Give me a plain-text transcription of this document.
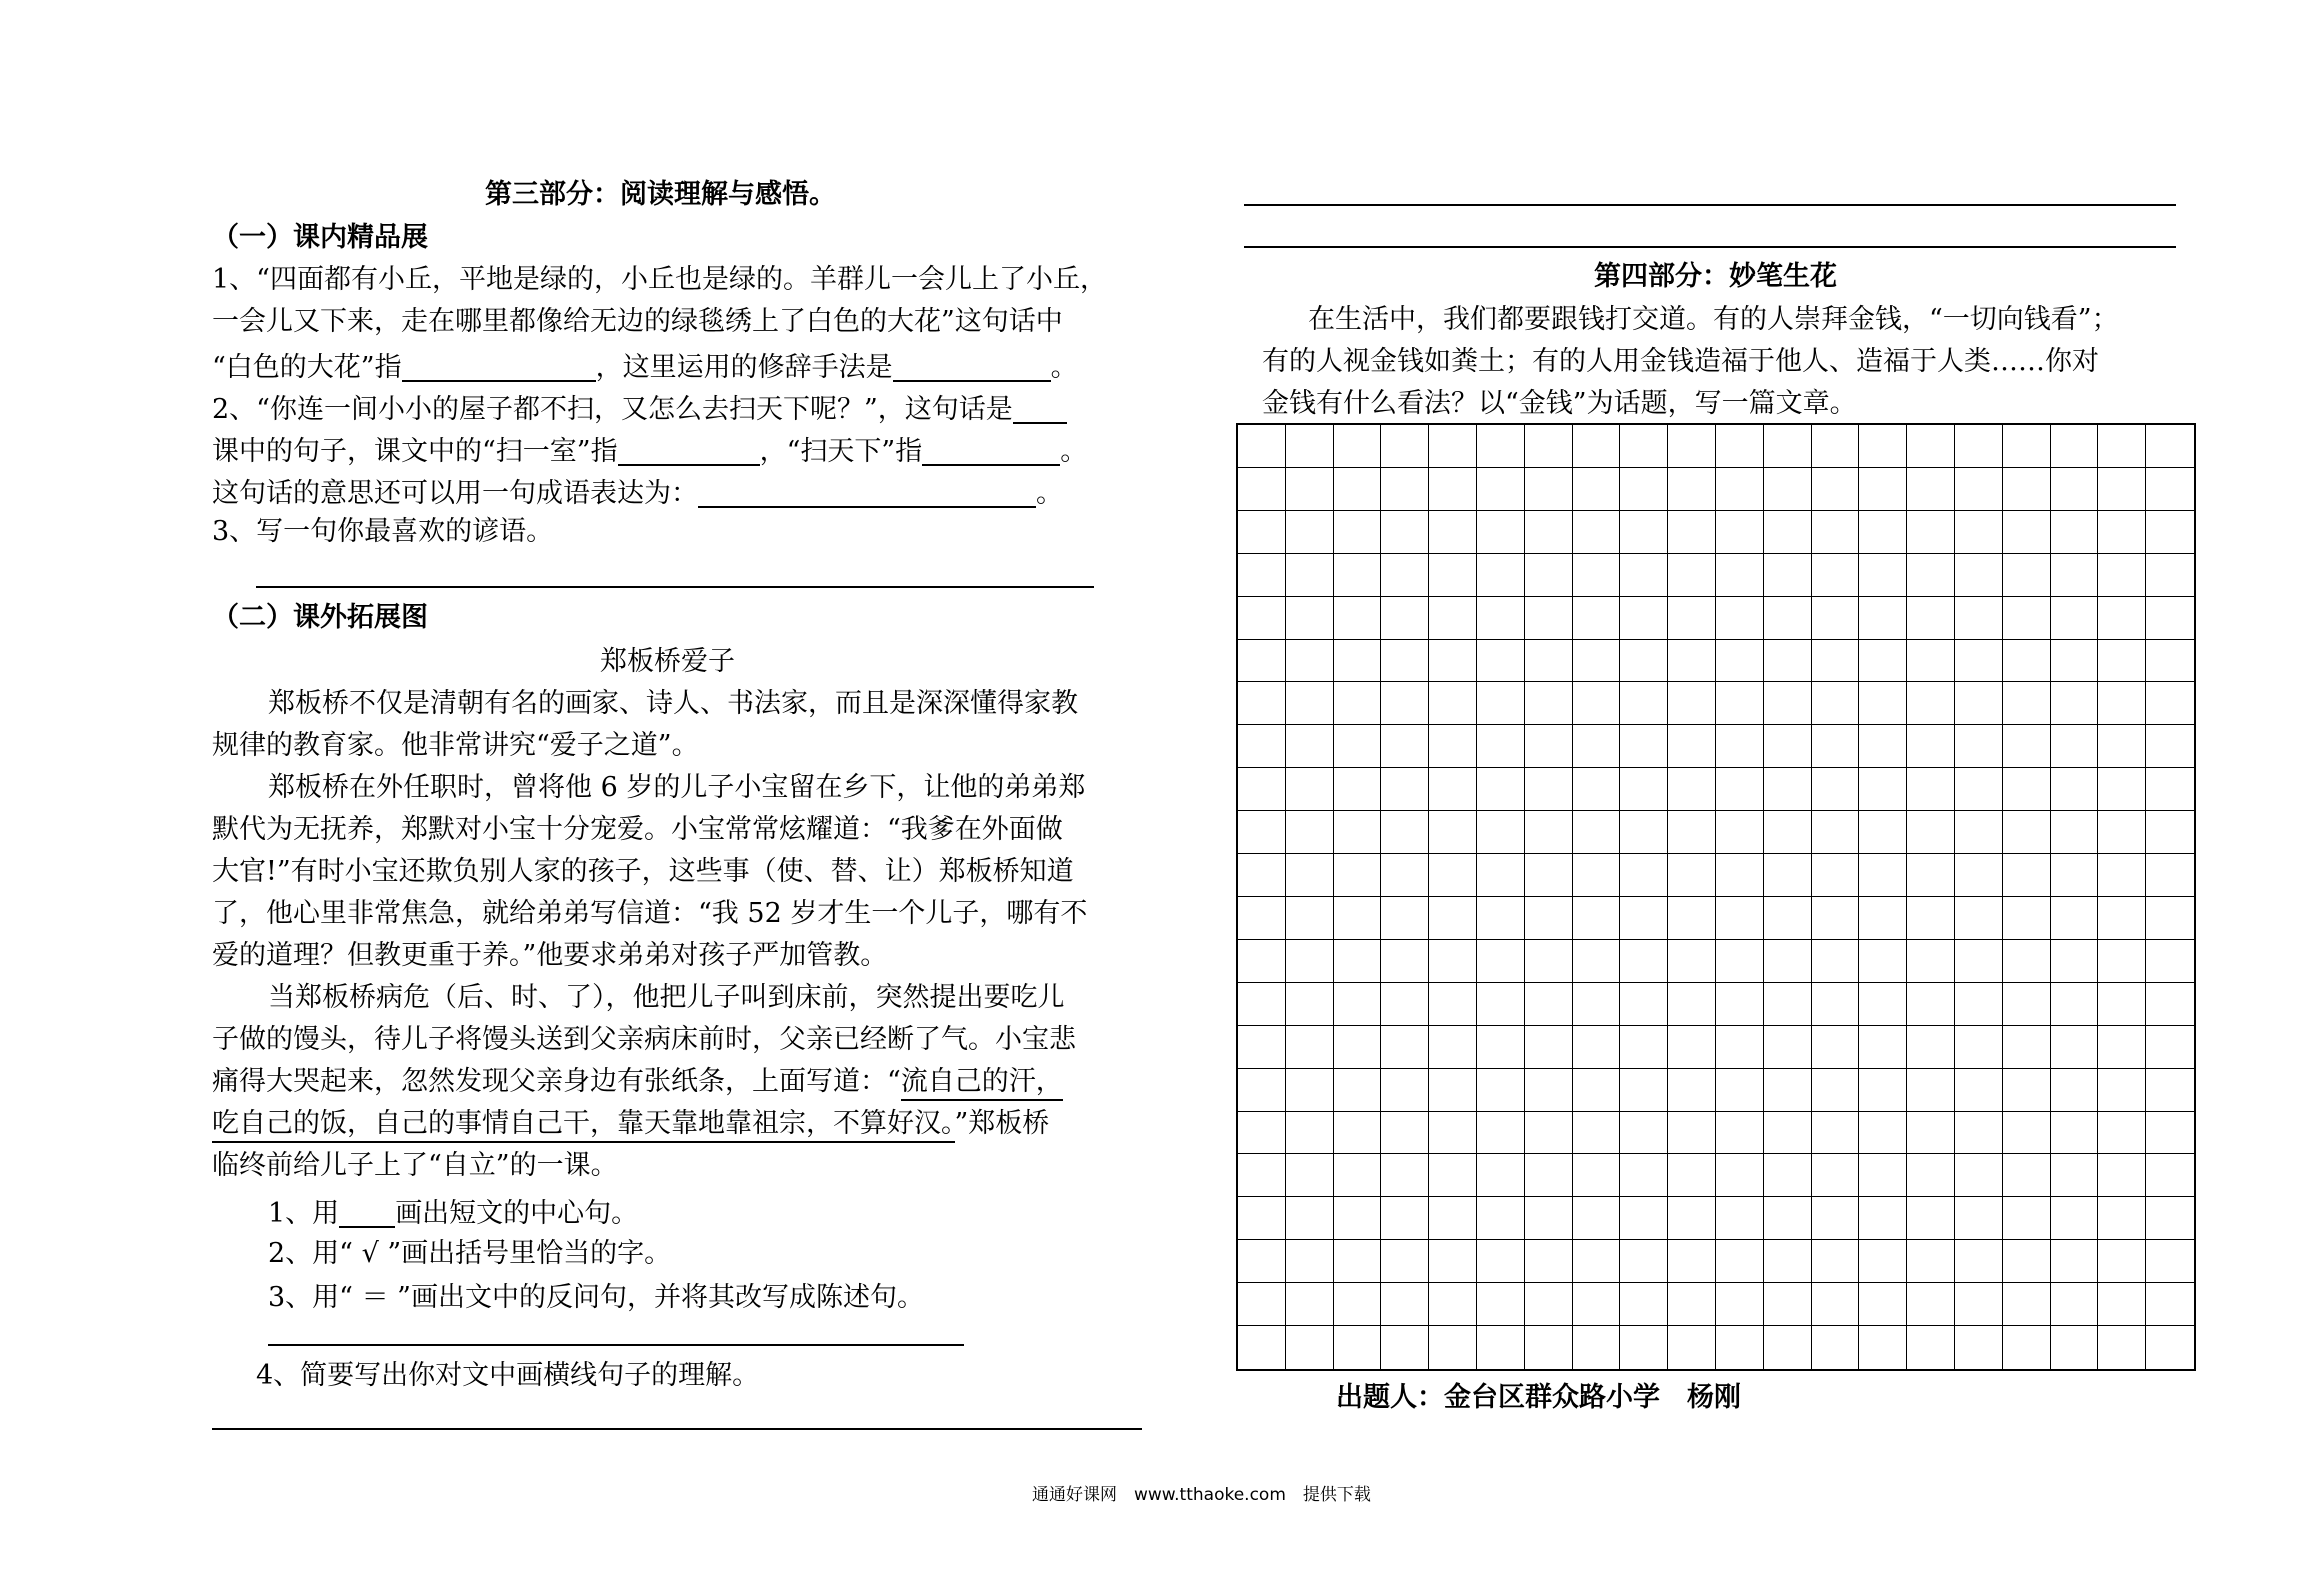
第三部分：阅读理解与感悟。
（一）课内精品展
1、“四面都有小丘，平地是绿的，小丘也是绿的。羊群儿一会儿上了小丘，
一会儿又下来，走在哪里都像给无边的绿毯绣上了白色的大花”这句话中
“白色的大花”指	，这里运用的修辞手法是	。
2、“你连一间小小的屋子都不扫，又怎么去扫天下呢？”，这句话是
课中的句子，课文中的“扫一室”指	，“扫天下”指	。
这句话的意思还可以用一句成语表达为：	。
3、写一句你最喜欢的谚语。
（二）课外拓展图
郑板桥爱子
郑板桥不仅是清朝有名的画家、诗人、书法家，而且是深深懂得家教
规律的教育家。他非常讲究“爱子之道”。
郑板桥在外任职时，曾将他 6 岁的儿子小宝留在乡下，让他的弟弟郑
默代为无抚养，郑默对小宝十分宠爱。小宝常常炫耀道：“我爹在外面做
大官!”有时小宝还欺负别人家的孩子，这些事（使、替、让）郑板桥知道
了，他心里非常焦急，就给弟弟写信道：“我 52 岁才生一个儿子，哪有不
爱的道理？但教更重于养。”他要求弟弟对孩子严加管教。
当郑板桥病危（后、时、了），他把儿子叫到床前，突然提出要吃儿
子做的馒头，待儿子将馒头送到父亲病床前时，父亲已经断了气。小宝悲
痛得大哭起来，忽然发现父亲身边有张纸条，上面写道：“流自己的汗，
吃自己的饭，自己的事情自己干，靠天靠地靠祖宗，不算好汉。”郑板桥
临终前给儿子上了“自立”的一课。
1、用 画出短文的中心句。
2、用“ √ ”画出括号里恰当的字。
3、用“ ＝ ”画出文中的反问句，并将其改写成陈述句。
4、简要写出你对文中画横线句子的理解。
第四部分：妙笔生花
在生活中，我们都要跟钱打交道。有的人崇拜金钱，“一切向钱看”；
有的人视金钱如粪土；有的人用金钱造福于他人、造福于人类……你对
金钱有什么看法？以“金钱”为话题，写一篇文章。
出题人：金台区群众路小学　杨刚
通通好课网　www.tthaoke.com　提供下载
